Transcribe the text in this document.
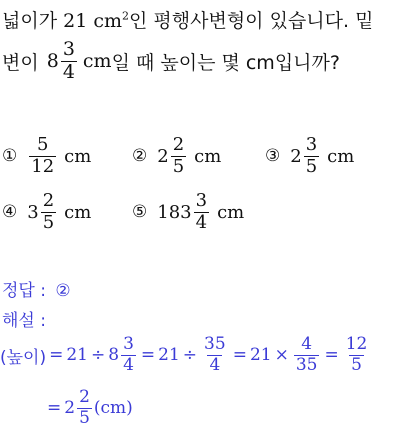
넓이가 21 $cm^2$인 평행사변형이 있습니다. 밑
변이 $8 \frac{3}{4}$ cm 일 때 높이는 몇 cm입니까?
① $\frac{5}{12}$ cm ② $2 \frac{2}{5}$ cm	③ $2 \frac{3}{5}$ cm
④ $3 \frac{2}{5}$ cm ⑤ $183 \frac{3}{4}$ cm
정답 : ②
해설 :
(높이) = $21 \div 8 \frac{3}{4} = 21 \div \frac{35}{4} = 21 \times \frac{4}{35} = \frac{12}{5}$
= $2 \frac{2}{5} (cm)$
